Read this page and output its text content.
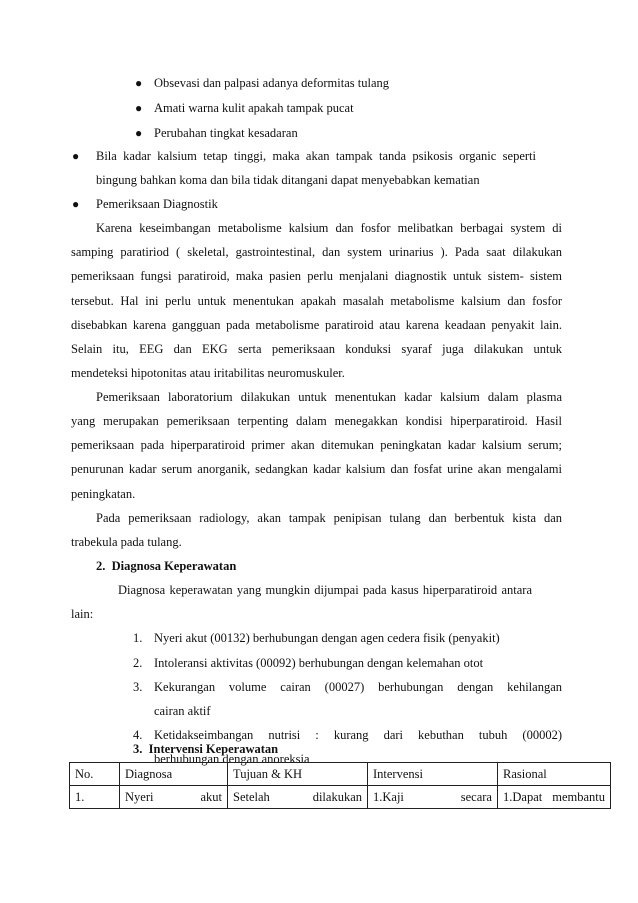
● Obsevasi dan palpasi adanya deformitas tulang
● Amati warna kulit apakah tampak pucat
● Perubahan tingkat kesadaran
● Bila kadar kalsium tetap tinggi, maka akan tampak tanda psikosis organic seperti
bingung bahkan koma dan bila tidak ditangani dapat menyebabkan kematian
● Pemeriksaan Diagnostik
Karena keseimbangan metabolisme kalsium dan fosfor melibatkan berbagai system di
samping paratiriod ( skeletal, gastrointestinal, dan system urinarius ). Pada saat dilakukan
pemeriksaan fungsi paratiroid, maka pasien perlu menjalani diagnostik untuk sistem- sistem
tersebut. Hal ini perlu untuk menentukan apakah masalah metabolisme kalsium dan fosfor
disebabkan karena gangguan pada metabolisme paratiroid atau karena keadaan penyakit lain.
Selain itu, EEG dan EKG serta pemeriksaan konduksi syaraf juga dilakukan untuk
mendeteksi hipotonitas atau iritabilitas neuromuskuler.
Pemeriksaan laboratorium dilakukan untuk menentukan kadar kalsium dalam plasma
yang merupakan pemeriksaan terpenting dalam menegakkan kondisi hiperparatiroid. Hasil
pemeriksaan pada hiperparatiroid primer akan ditemukan peningkatan kadar kalsium serum;
penurunan kadar serum anorganik, sedangkan kadar kalsium dan fosfat urine akan mengalami
peningkatan.
Pada pemeriksaan radiology, akan tampak penipisan tulang dan berbentuk kista dan
trabekula pada tulang.
2.  Diagnosa Keperawatan
Diagnosa keperawatan yang mungkin dijumpai pada kasus hiperparatiroid antara
lain:
1. Nyeri akut (00132) berhubungan dengan agen cedera fisik (penyakit)
2. Intoleransi aktivitas (00092) berhubungan dengan kelemahan otot
3. Kekurangan volume cairan (00027) berhubungan dengan kehilangan
cairan aktif
4. Ketidakseimbangan nutrisi : kurang dari kebuthan tubuh (00002)
berhubungan dengan anoreksia
3.  Intervensi Keperawatan
No.	Diagnosa	Tujuan & KH	Intervensi	Rasional
1.	Nyeri akut	Setelah dilakukan	1.Kaji secara	1.Dapat membantu
